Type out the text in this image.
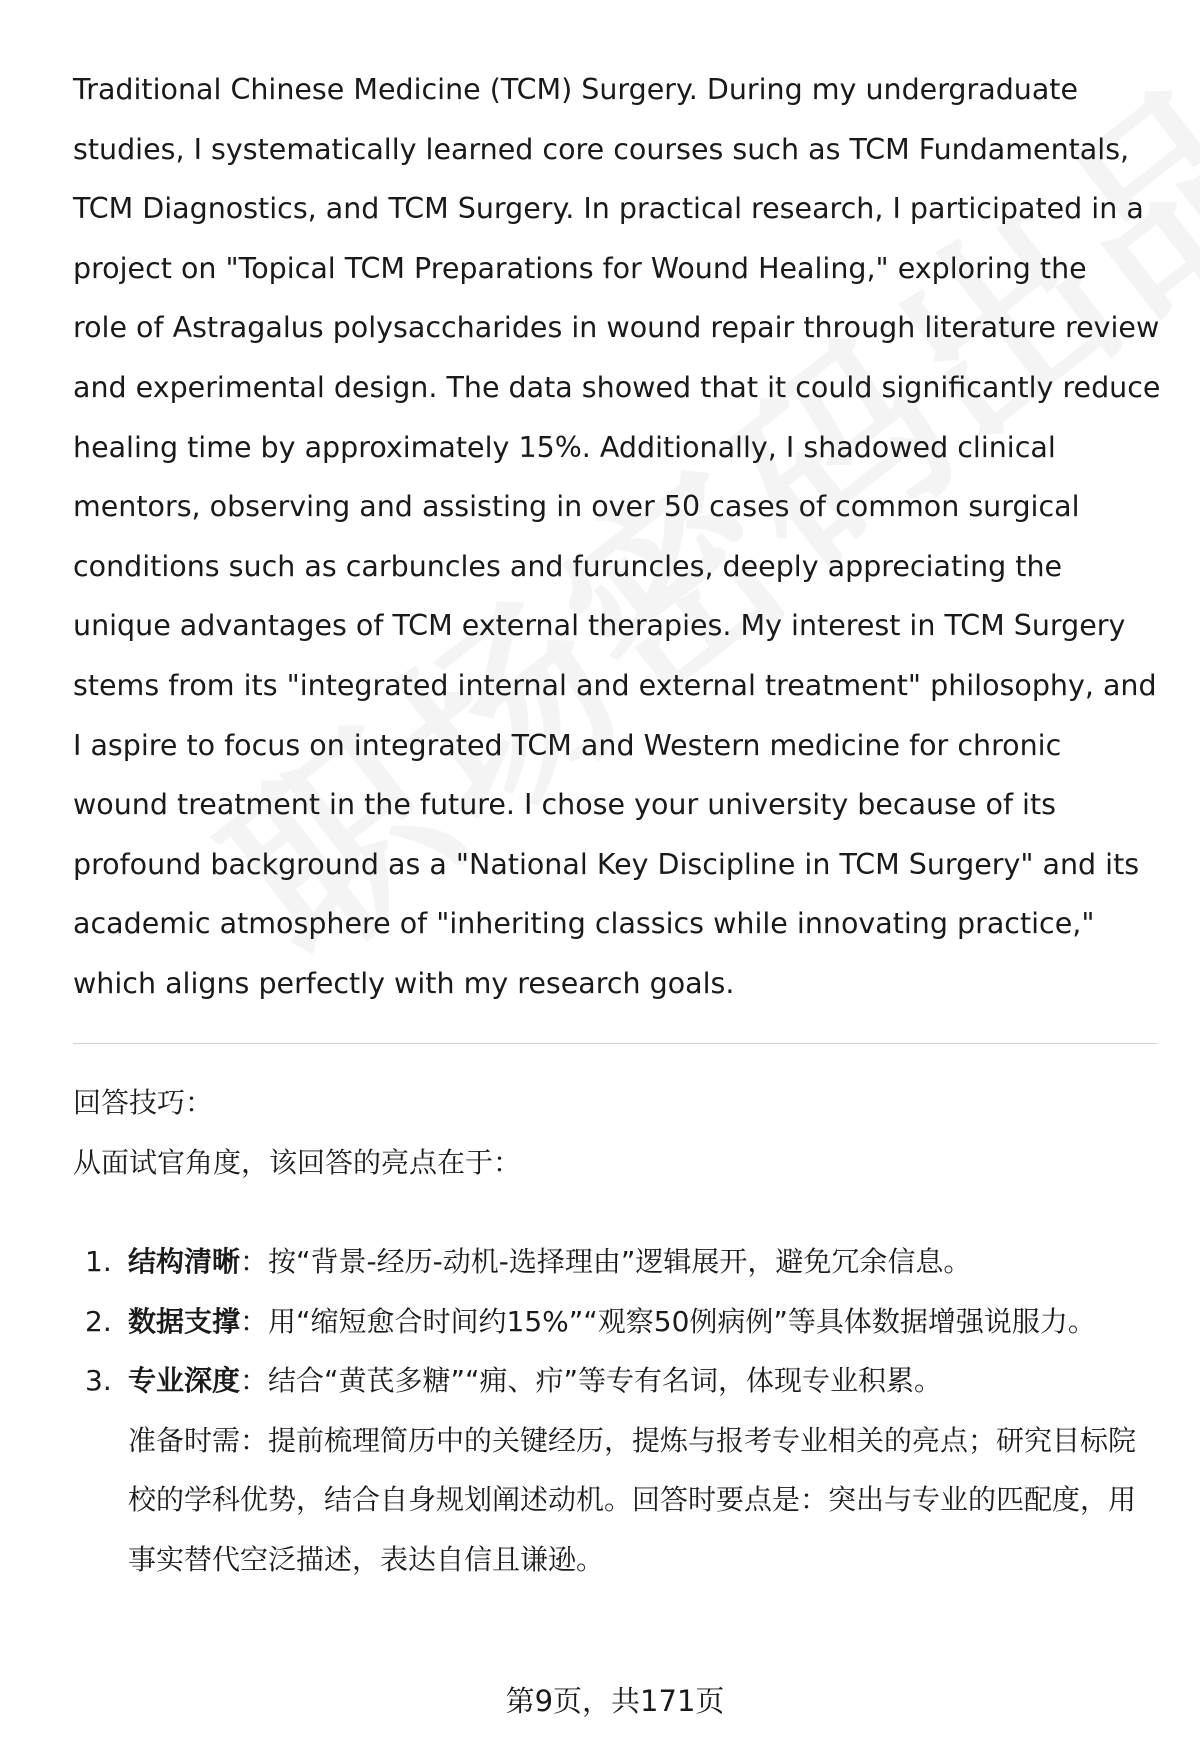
Traditional Chinese Medicine (TCM) Surgery. During my undergraduate
studies, I systematically learned core courses such as TCM Fundamentals,
TCM Diagnostics, and TCM Surgery. In practical research, I participated in a
project on "Topical TCM Preparations for Wound Healing," exploring the
role of Astragalus polysaccharides in wound repair through literature review
and experimental design. The data showed that it could significantly reduce
healing time by approximately 15%. Additionally, I shadowed clinical
mentors, observing and assisting in over 50 cases of common surgical
conditions such as carbuncles and furuncles, deeply appreciating the
unique advantages of TCM external therapies. My interest in TCM Surgery
stems from its "integrated internal and external treatment" philosophy, and
I aspire to focus on integrated TCM and Western medicine for chronic
wound treatment in the future. I chose your university because of its
profound background as a "National Key Discipline in TCM Surgery" and its
academic atmosphere of "inheriting classics while innovating practice,"
which aligns perfectly with my research goals.
回答技巧：

从面试官角度，该回答的亮点在于：

1. 结构清晰：按“背景-经历-动机-选择理由”逻辑展开，避免冗余信息。
2. 数据支撑：用“缩短愈合时间约15%”“观察50例病例”等具体数据增强说服力。
3. 专业深度：结合“黄芪多糖”“痈、疖”等专有名词，体现专业积累。
准备时需：提前梳理简历中的关键经历，提炼与报考专业相关的亮点；研究目标院校的学科优势，结合自身规划阐述动机。回答时要点是：突出与专业的匹配度，用事实替代空泛描述，表达自信且谦逊。
第9页，共171页
